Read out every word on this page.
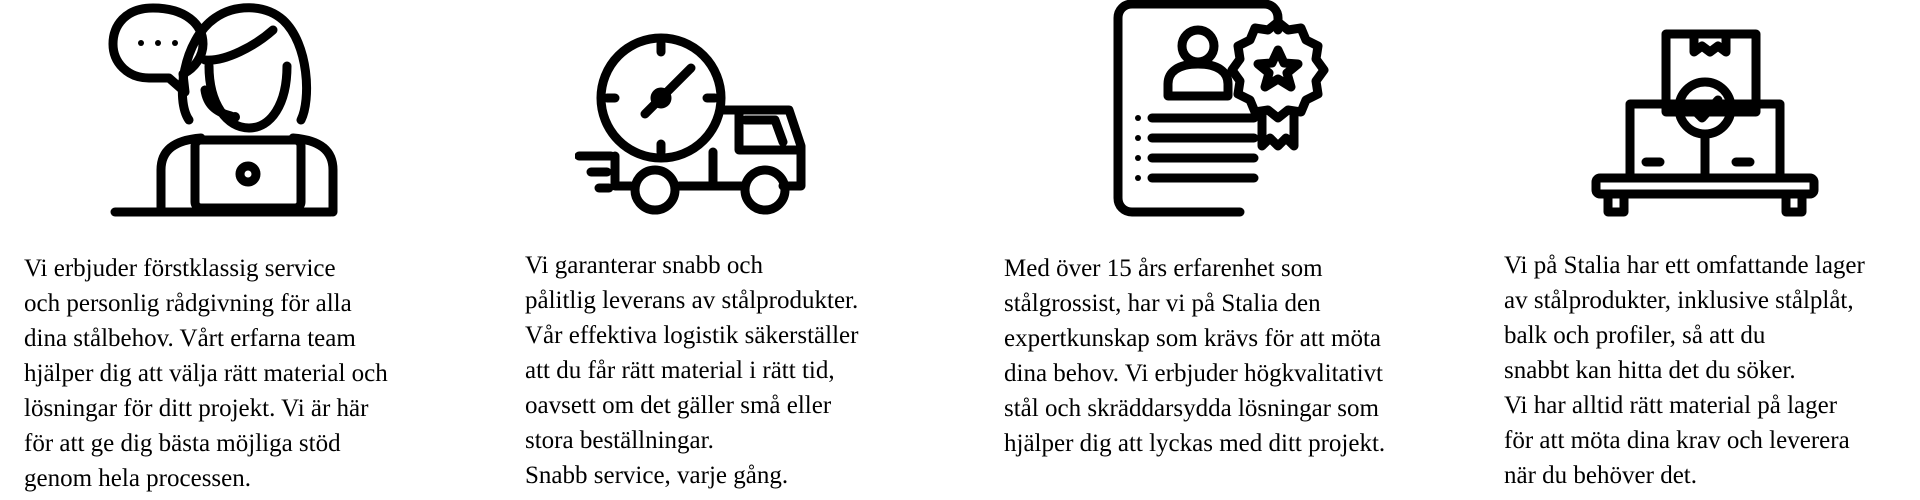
Vi erbjuder förstklassig service
och personlig rådgivning för alla
dina stålbehov. Vårt erfarna team
hjälper dig att välja rätt material och
lösningar för ditt projekt. Vi är här
för att ge dig bästa möjliga stöd
genom hela processen.

Vi garanterar snabb och
pålitlig leverans av stålprodukter.
Vår effektiva logistik säkerställer
att du får rätt material i rätt tid,
oavsett om det gäller små eller
stora beställningar.
Snabb service, varje gång.

Med över 15 års erfarenhet som
stålgrossist, har vi på Stalia den
expertkunskap som krävs för att möta
dina behov. Vi erbjuder högkvalitativt
stål och skräddarsydda lösningar som
hjälper dig att lyckas med ditt projekt.

Vi på Stalia har ett omfattande lager
av stålprodukter, inklusive stålplåt,
balk och profiler, så att du
snabbt kan hitta det du söker.
Vi har alltid rätt material på lager
för att möta dina krav och leverera
när du behöver det.
